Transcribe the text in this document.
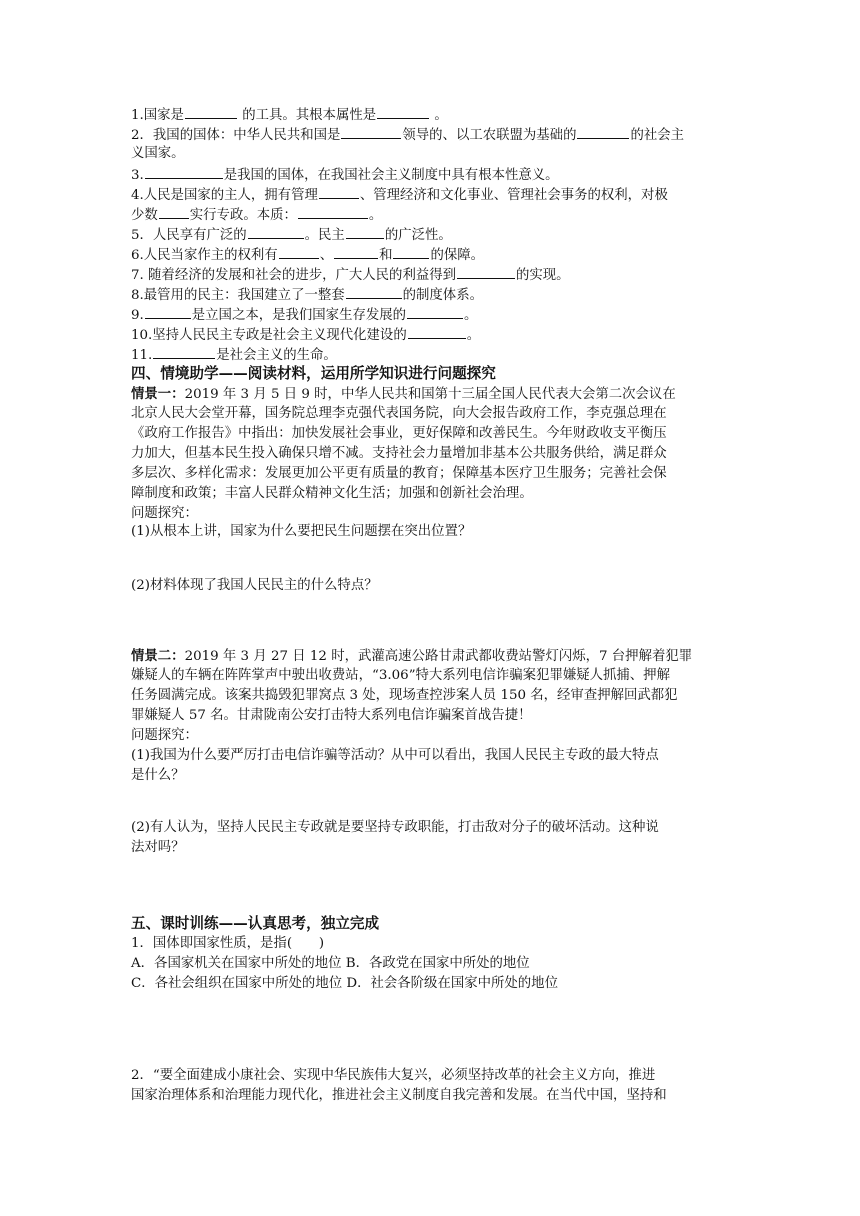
1.国家是	的工具。其根本属性是	。
2．我国的国体：中华人民共和国是	领导的、以工农联盟为基础的	的社会主
义国家。
3.	是我国的国体，在我国社会主义制度中具有根本性意义。
4.人民是国家的主人，拥有管理	、管理经济和文化事业、管理社会事务的权利，对极
少数 实行专政。本质：	。
5．人民享有广泛的	。民主	的广泛性。
6.人民当家作主的权利有	、	和	的保障。
7. 随着经济的发展和社会的进步，广大人民的利益得到	的实现。
8.最管用的民主：我国建立了一整套	的制度体系。
9.	是立国之本，是我们国家生存发展的	。
10.坚持人民民主专政是社会主义现代化建设的	。
11.	是社会主义的生命。
四、情境助学——阅读材料，运用所学知识进行问题探究
情景一：2019 年 3 月 5 日 9 时，中华人民共和国第十三届全国人民代表大会第二次会议在
北京人民大会堂开幕，国务院总理李克强代表国务院，向大会报告政府工作，李克强总理在
《政府工作报告》中指出：加快发展社会事业，更好保障和改善民生。今年财政收支平衡压
力加大，但基本民生投入确保只增不减。支持社会力量增加非基本公共服务供给，满足群众
多层次、多样化需求：发展更加公平更有质量的教育；保障基本医疗卫生服务；完善社会保
障制度和政策；丰富人民群众精神文化生活；加强和创新社会治理。
问题探究：
(1)从根本上讲，国家为什么要把民生问题摆在突出位置？
(2)材料体现了我国人民民主的什么特点？
情景二：2019 年 3 月 27 日 12 时，武灌高速公路甘肃武都收费站警灯闪烁，7 台押解着犯罪
嫌疑人的车辆在阵阵掌声中驶出收费站，“3.06”特大系列电信诈骗案犯罪嫌疑人抓捕、押解
任务圆满完成。该案共捣毁犯罪窝点 3 处，现场查控涉案人员 150 名，经审查押解回武都犯
罪嫌疑人 57 名。甘肃陇南公安打击特大系列电信诈骗案首战告捷！
问题探究：
(1)我国为什么要严厉打击电信诈骗等活动？从中可以看出，我国人民民主专政的最大特点
是什么？
(2)有人认为，坚持人民民主专政就是要坚持专政职能，打击敌对分子的破坏活动。这种说
法对吗？
五、课时训练——认真思考，独立完成
1．国体即国家性质，是指(　　)
A．各国家机关在国家中所处的地位 B．各政党在国家中所处的地位
C．各社会组织在国家中所处的地位 D．社会各阶级在国家中所处的地位
2．“要全面建成小康社会、实现中华民族伟大复兴，必须坚持改革的社会主义方向，推进
国家治理体系和治理能力现代化，推进社会主义制度自我完善和发展。在当代中国，坚持和
